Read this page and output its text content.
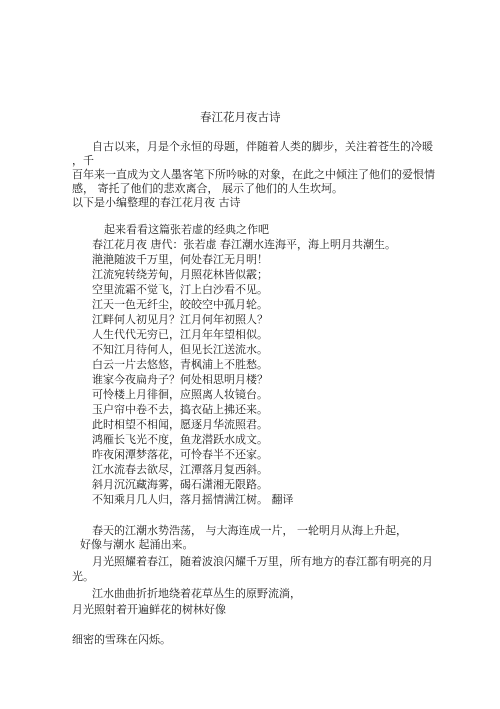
春江花月夜古诗
自古以来，月是个永恒的母题，伴随着人类的脚步，关注着苍生的冷暖
，千
百年来一直成为文人墨客笔下所吟咏的对象，在此之中倾注了他们的爱恨情
感， 寄托了他们的悲欢离合， 展示了他们的人生坎坷。
以下是小编整理的春江花月夜 古诗
起来看看这篇张若虚的经典之作吧
春江花月夜 唐代：张若虚 春江潮水连海平，海上明月共潮生。
滟滟随波千万里，何处春江无月明！
江流宛转绕芳甸，月照花林皆似霰；
空里流霜不觉飞，汀上白沙看不见。
江天一色无纤尘，皎皎空中孤月轮。
江畔何人初见月？江月何年初照人？
人生代代无穷已，江月年年望相似。
不知江月待何人，但见长江送流水。
白云一片去悠悠，青枫浦上不胜愁。
谁家今夜扁舟子？何处相思明月楼？
可怜楼上月徘徊，应照离人妆镜台。
玉户帘中卷不去，捣衣砧上拂还来。
此时相望不相闻，愿逐月华流照君。
鸿雁长飞光不度，鱼龙潜跃水成文。
昨夜闲潭梦落花，可怜春半不还家。
江水流春去欲尽，江潭落月复西斜。
斜月沉沉藏海雾，碣石潇湘无限路。
不知乘月几人归，落月摇情满江树。 翻译
春天的江潮水势浩荡， 与大海连成一片， 一轮明月从海上升起，
好像与潮水 起涌出来。
月光照耀着春江，随着波浪闪耀千万里，所有地方的春江都有明亮的月
光。
江水曲曲折折地绕着花草丛生的原野流淌，
月光照射着开遍鲜花的树林好像
细密的雪珠在闪烁。
